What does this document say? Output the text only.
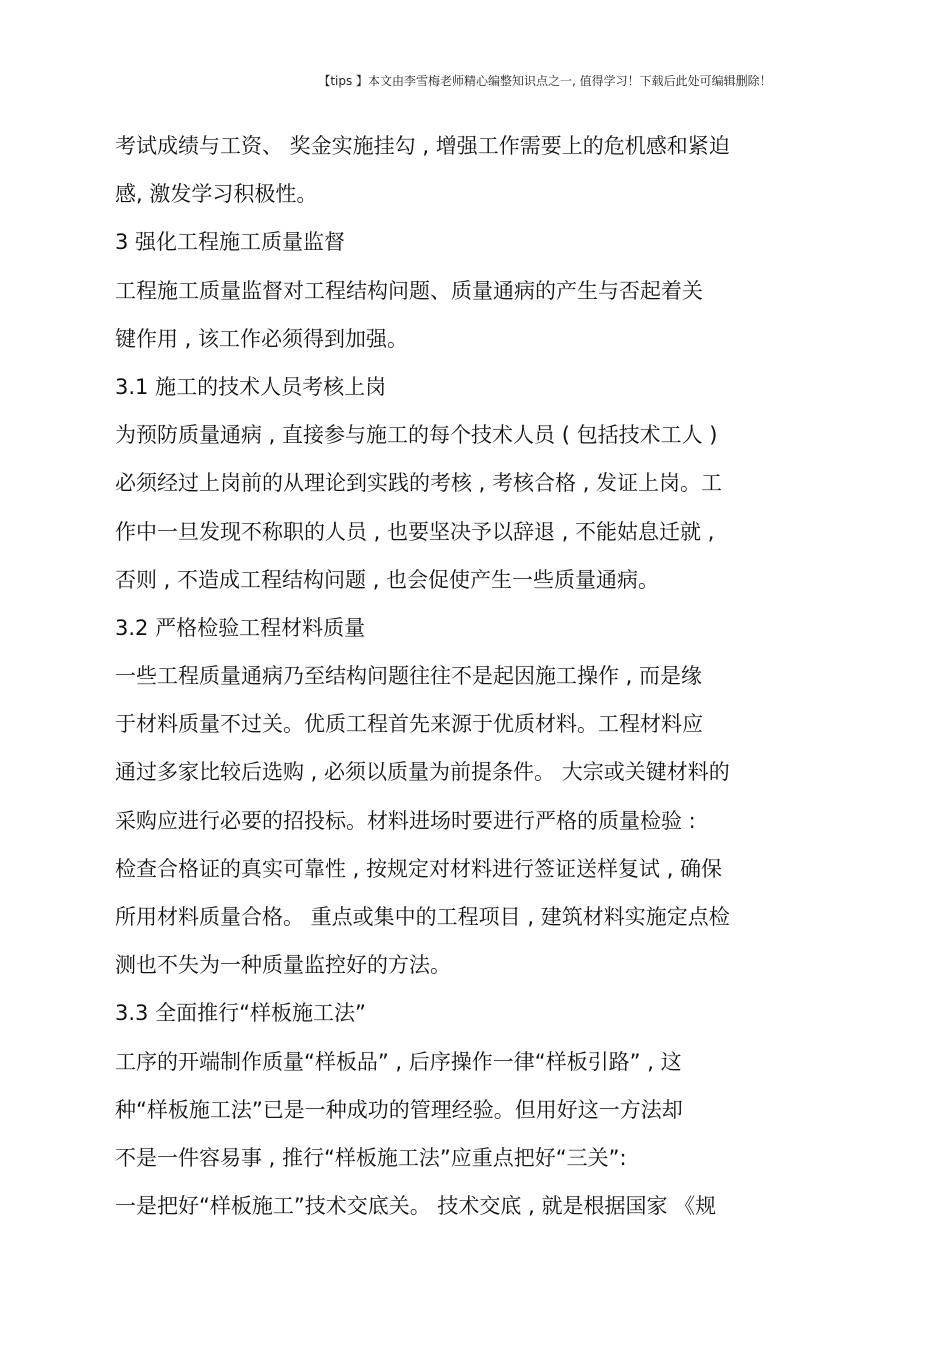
【tips 】本文由李雪梅老师精心编整知识点之一, 值得学习！下载后此处可编辑删除！
考试成绩与工资、 奖金实施挂勾 , 增强工作需要上的危机感和紧迫
感, 激发学习积极性。
3 强化工程施工质量监督
工程施工质量监督对工程结构问题、质量通病的产生与否起着关
键作用 , 该工作必须得到加强。
3.1 施工的技术人员考核上岗
为预防质量通病 , 直接参与施工的每个技术人员 ( 包括技术工人 )
必须经过上岗前的从理论到实践的考核 , 考核合格 , 发证上岗。工
作中一旦发现不称职的人员 , 也要坚决予以辞退 , 不能姑息迁就 ,
否则 , 不造成工程结构问题 , 也会促使产生一些质量通病。
3.2 严格检验工程材料质量
一些工程质量通病乃至结构问题往往不是起因施工操作 , 而是缘
于材料质量不过关。优质工程首先来源于优质材料。工程材料应
通过多家比较后选购 , 必须以质量为前提条件。 大宗或关键材料的
采购应进行必要的招投标。材料进场时要进行严格的质量检验 :
检查合格证的真实可靠性 , 按规定对材料进行签证送样复试 , 确保
所用材料质量合格。 重点或集中的工程项目 , 建筑材料实施定点检
测也不失为一种质量监控好的方法。
3.3 全面推行“样板施工法”
工序的开端制作质量“样板品” , 后序操作一律“样板引路” , 这
种“样板施工法”已是一种成功的管理经验。但用好这一方法却
不是一件容易事 , 推行“样板施工法”应重点把好“三关”:
一是把好“样板施工”技术交底关。 技术交底 , 就是根据国家 《规
